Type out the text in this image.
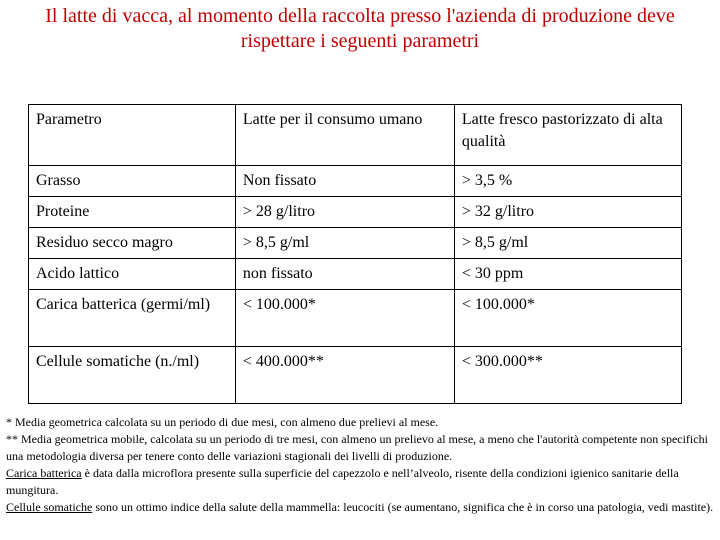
Il latte di vacca, al momento della raccolta presso l'azienda di produzione deve
rispettare i seguenti parametri
Parametro	Latte per il consumo umano	Latte fresco pastorizzato di alta qualità
Grasso	Non fissato	> 3,5 %
Proteine	> 28 g/litro	> 32 g/litro
Residuo secco magro	> 8,5 g/ml	> 8,5 g/ml
Acido lattico	non fissato	< 30 ppm
Carica batterica (germi/ml)	< 100.000*	< 100.000*
Cellule somatiche (n./ml)	< 400.000**	< 300.000**
* Media geometrica calcolata su un periodo di due mesi, con almeno due prelievi al mese.
** Media geometrica mobile, calcolata su un periodo di tre mesi, con almeno un prelievo al mese, a meno che l'autorità competente non specifichi una metodologia diversa per tenere conto delle variazioni stagionali dei livelli di produzione.
Carica batterica è data dalla microflora presente sulla superficie del capezzolo e nell’alveolo, risente della condizioni igienico sanitarie della mungitura.
Cellule somatiche sono un ottimo indice della salute della mammella: leucociti (se aumentano, significa che è in corso una patologia, vedi mastite).
